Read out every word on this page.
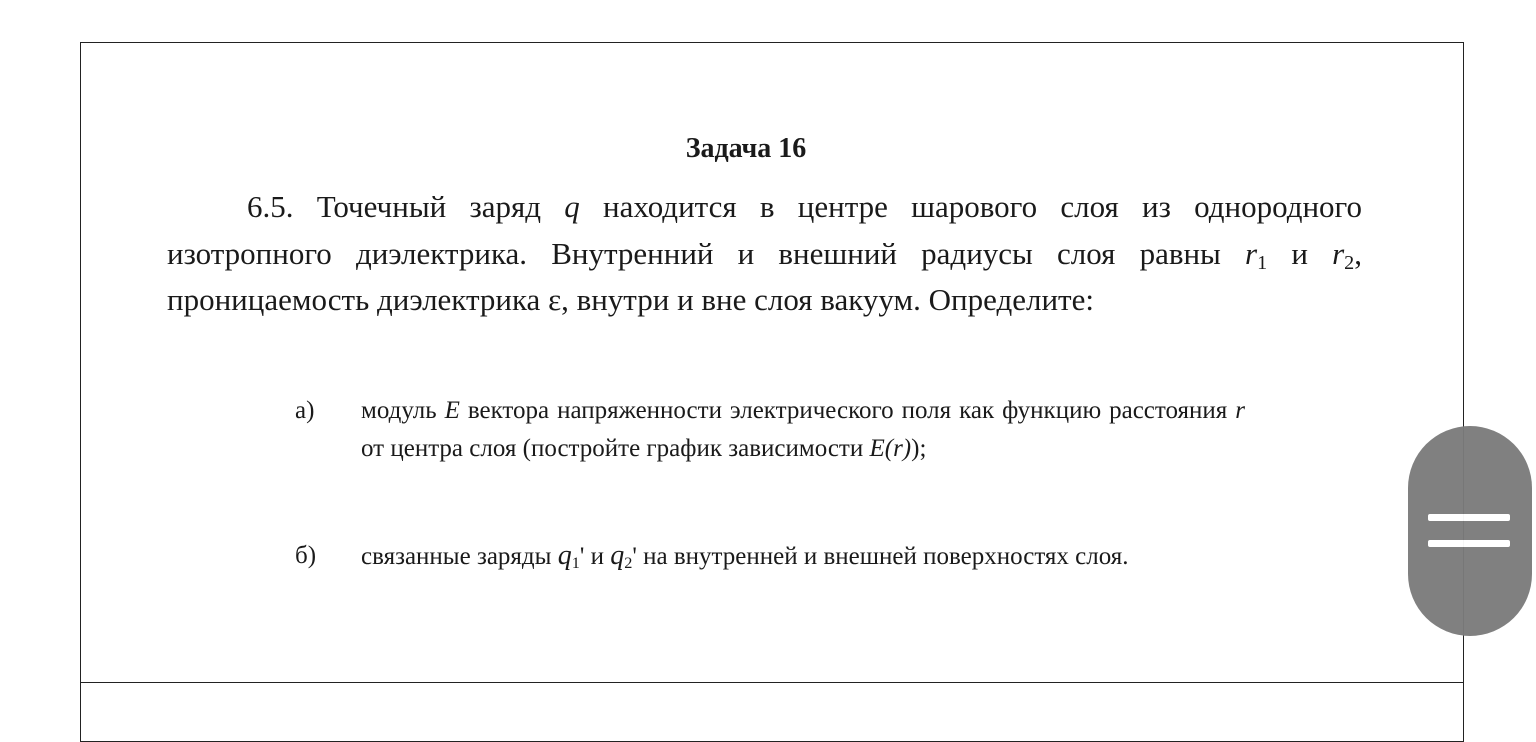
Задача 16
6.5. Точечный заряд q находится в центре шарового слоя из однородного изотропного диэлектрика. Внутренний и внешний радиусы слоя равны $r_1$ и $r_2$, проницаемость диэлектрика ε, внутри и вне слоя вакуум. Определите:
а)	модуль E вектора напряженности электрического поля как функцию расстояния r от центра слоя (постройте график зависимости E(r));
б)	связанные заряды $q_1'$ и $q_2'$ на внутренней и внешней поверхностях слоя.
